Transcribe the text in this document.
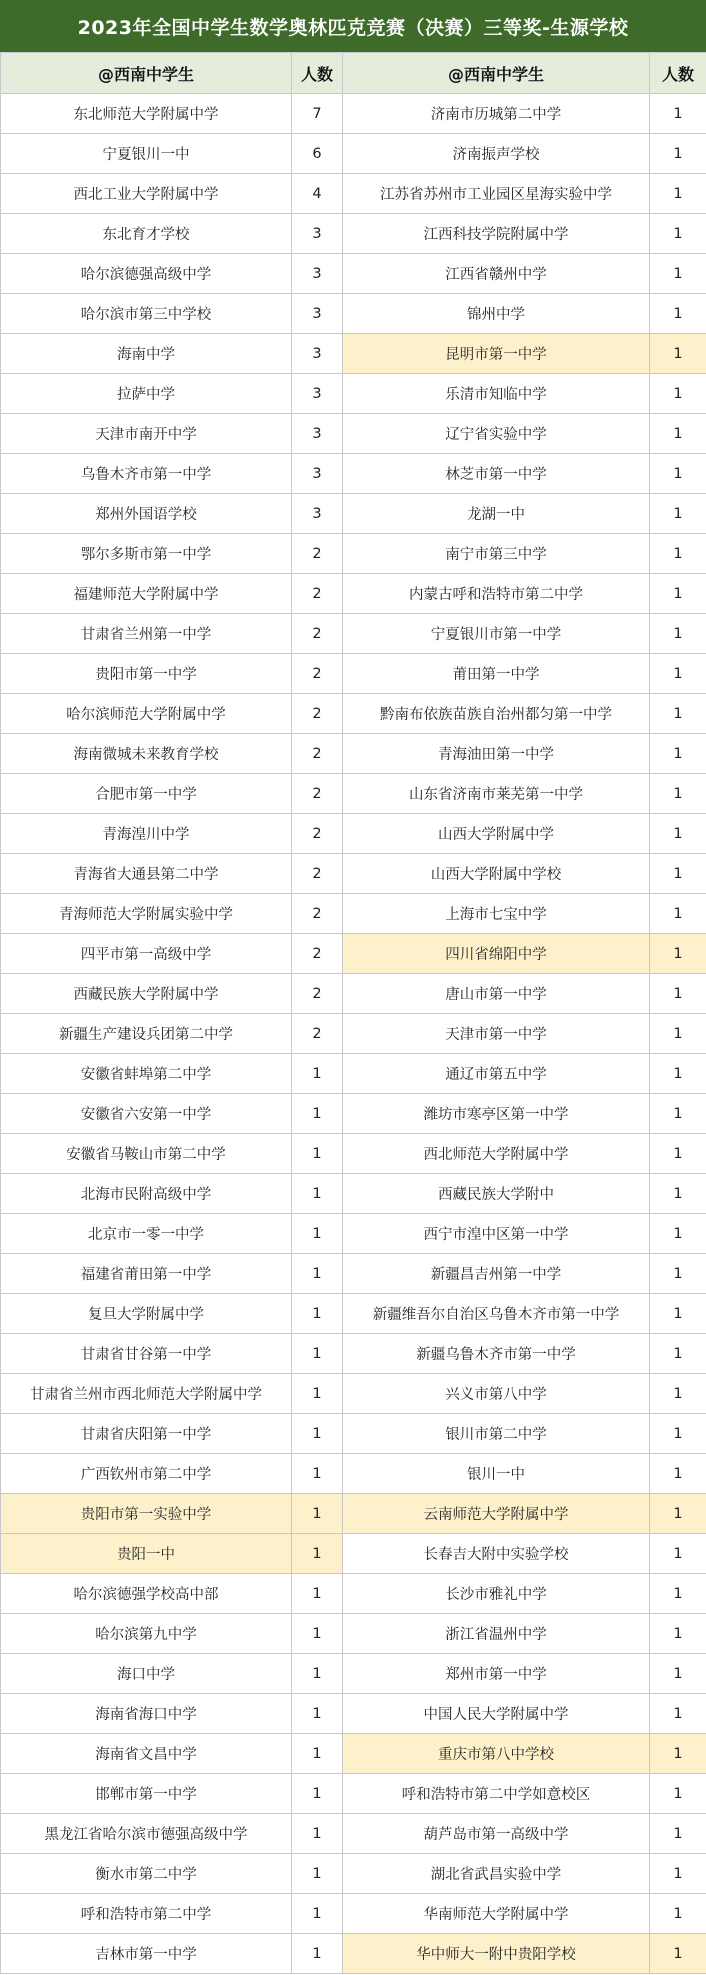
2023年全国中学生数学奥林匹克竞赛（决赛）三等奖-生源学校
@西南中学生	人数	@西南中学生	人数
东北师范大学附属中学	7	济南市历城第二中学	1
宁夏银川一中	6	济南振声学校	1
西北工业大学附属中学	4	江苏省苏州市工业园区星海实验中学	1
东北育才学校	3	江西科技学院附属中学	1
哈尔滨德强高级中学	3	江西省赣州中学	1
哈尔滨市第三中学校	3	锦州中学	1
海南中学	3	昆明市第一中学	1
拉萨中学	3	乐清市知临中学	1
天津市南开中学	3	辽宁省实验中学	1
乌鲁木齐市第一中学	3	林芝市第一中学	1
郑州外国语学校	3	龙湖一中	1
鄂尔多斯市第一中学	2	南宁市第三中学	1
福建师范大学附属中学	2	内蒙古呼和浩特市第二中学	1
甘肃省兰州第一中学	2	宁夏银川市第一中学	1
贵阳市第一中学	2	莆田第一中学	1
哈尔滨师范大学附属中学	2	黔南布依族苗族自治州都匀第一中学	1
海南微城未来教育学校	2	青海油田第一中学	1
合肥市第一中学	2	山东省济南市莱芜第一中学	1
青海湟川中学	2	山西大学附属中学	1
青海省大通县第二中学	2	山西大学附属中学校	1
青海师范大学附属实验中学	2	上海市七宝中学	1
四平市第一高级中学	2	四川省绵阳中学	1
西藏民族大学附属中学	2	唐山市第一中学	1
新疆生产建设兵团第二中学	2	天津市第一中学	1
安徽省蚌埠第二中学	1	通辽市第五中学	1
安徽省六安第一中学	1	潍坊市寒亭区第一中学	1
安徽省马鞍山市第二中学	1	西北师范大学附属中学	1
北海市民附高级中学	1	西藏民族大学附中	1
北京市一零一中学	1	西宁市湟中区第一中学	1
福建省莆田第一中学	1	新疆昌吉州第一中学	1
复旦大学附属中学	1	新疆维吾尔自治区乌鲁木齐市第一中学	1
甘肃省甘谷第一中学	1	新疆乌鲁木齐市第一中学	1
甘肃省兰州市西北师范大学附属中学	1	兴义市第八中学	1
甘肃省庆阳第一中学	1	银川市第二中学	1
广西钦州市第二中学	1	银川一中	1
贵阳市第一实验中学	1	云南师范大学附属中学	1
贵阳一中	1	长春吉大附中实验学校	1
哈尔滨德强学校高中部	1	长沙市雅礼中学	1
哈尔滨第九中学	1	浙江省温州中学	1
海口中学	1	郑州市第一中学	1
海南省海口中学	1	中国人民大学附属中学	1
海南省文昌中学	1	重庆市第八中学校	1
邯郸市第一中学	1	呼和浩特市第二中学如意校区	1
黑龙江省哈尔滨市德强高级中学	1	葫芦岛市第一高级中学	1
衡水市第二中学	1	湖北省武昌实验中学	1
呼和浩特市第二中学	1	华南师范大学附属中学	1
吉林市第一中学	1	华中师大一附中贵阳学校	1
